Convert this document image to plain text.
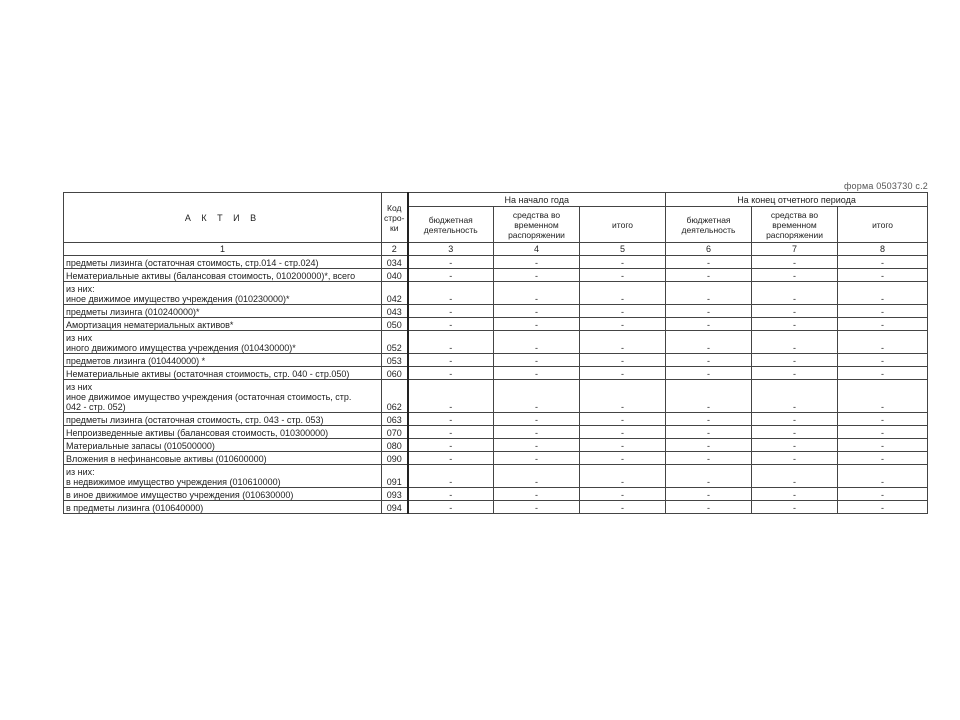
форма 0503730 с.2
А К Т И В	Код стро-ки	На начало года			На конец отчетного периода		
		бюджетная деятельность	средства во временном распоряжении	итого	бюджетная деятельность	средства во временном распоряжении	итого
1	2	3	4	5	6	7	8

предметы лизинга (остаточная стоимость, стр.014 - стр.024)	034	-	-	-	-	-	-

Нематериальные активы (балансовая стоимость, 010200000)*, всего	040	-	-	-	-	-	-

из них:
иное движимое имущество учреждения (010230000)*	042	-	-	-	-	-	-

предметы лизинга (010240000)*	043	-	-	-	-	-	-

Амортизация нематериальных активов*	050	-	-	-	-	-	-

из них
иного движимого имущества учреждения (010430000)*	052	-	-	-	-	-	-

предметов лизинга (010440000) *	053	-	-	-	-	-	-

Нематериальные активы (остаточная стоимость, стр. 040 - стр.050)	060	-	-	-	-	-	-

из них
иное движимое имущество учреждения (остаточная стоимость, стр.
042 - стр. 052)	062	-	-	-	-	-	-

предметы лизинга (остаточная стоимость, стр. 043 - стр. 053)	063	-	-	-	-	-	-

Непроизведенные активы (балансовая стоимость, 010300000)	070	-	-	-	-	-	-

Материальные запасы (010500000)	080	-	-	-	-	-	-

Вложения в нефинансовые активы (010600000)	090	-	-	-	-	-	-

из них:
в недвижимое имущество учреждения (010610000)	091	-	-	-	-	-	-

в иное движимое имущество учреждения (010630000)	093	-	-	-	-	-	-

в предметы лизинга (010640000)	094	-	-	-	-	-	-
